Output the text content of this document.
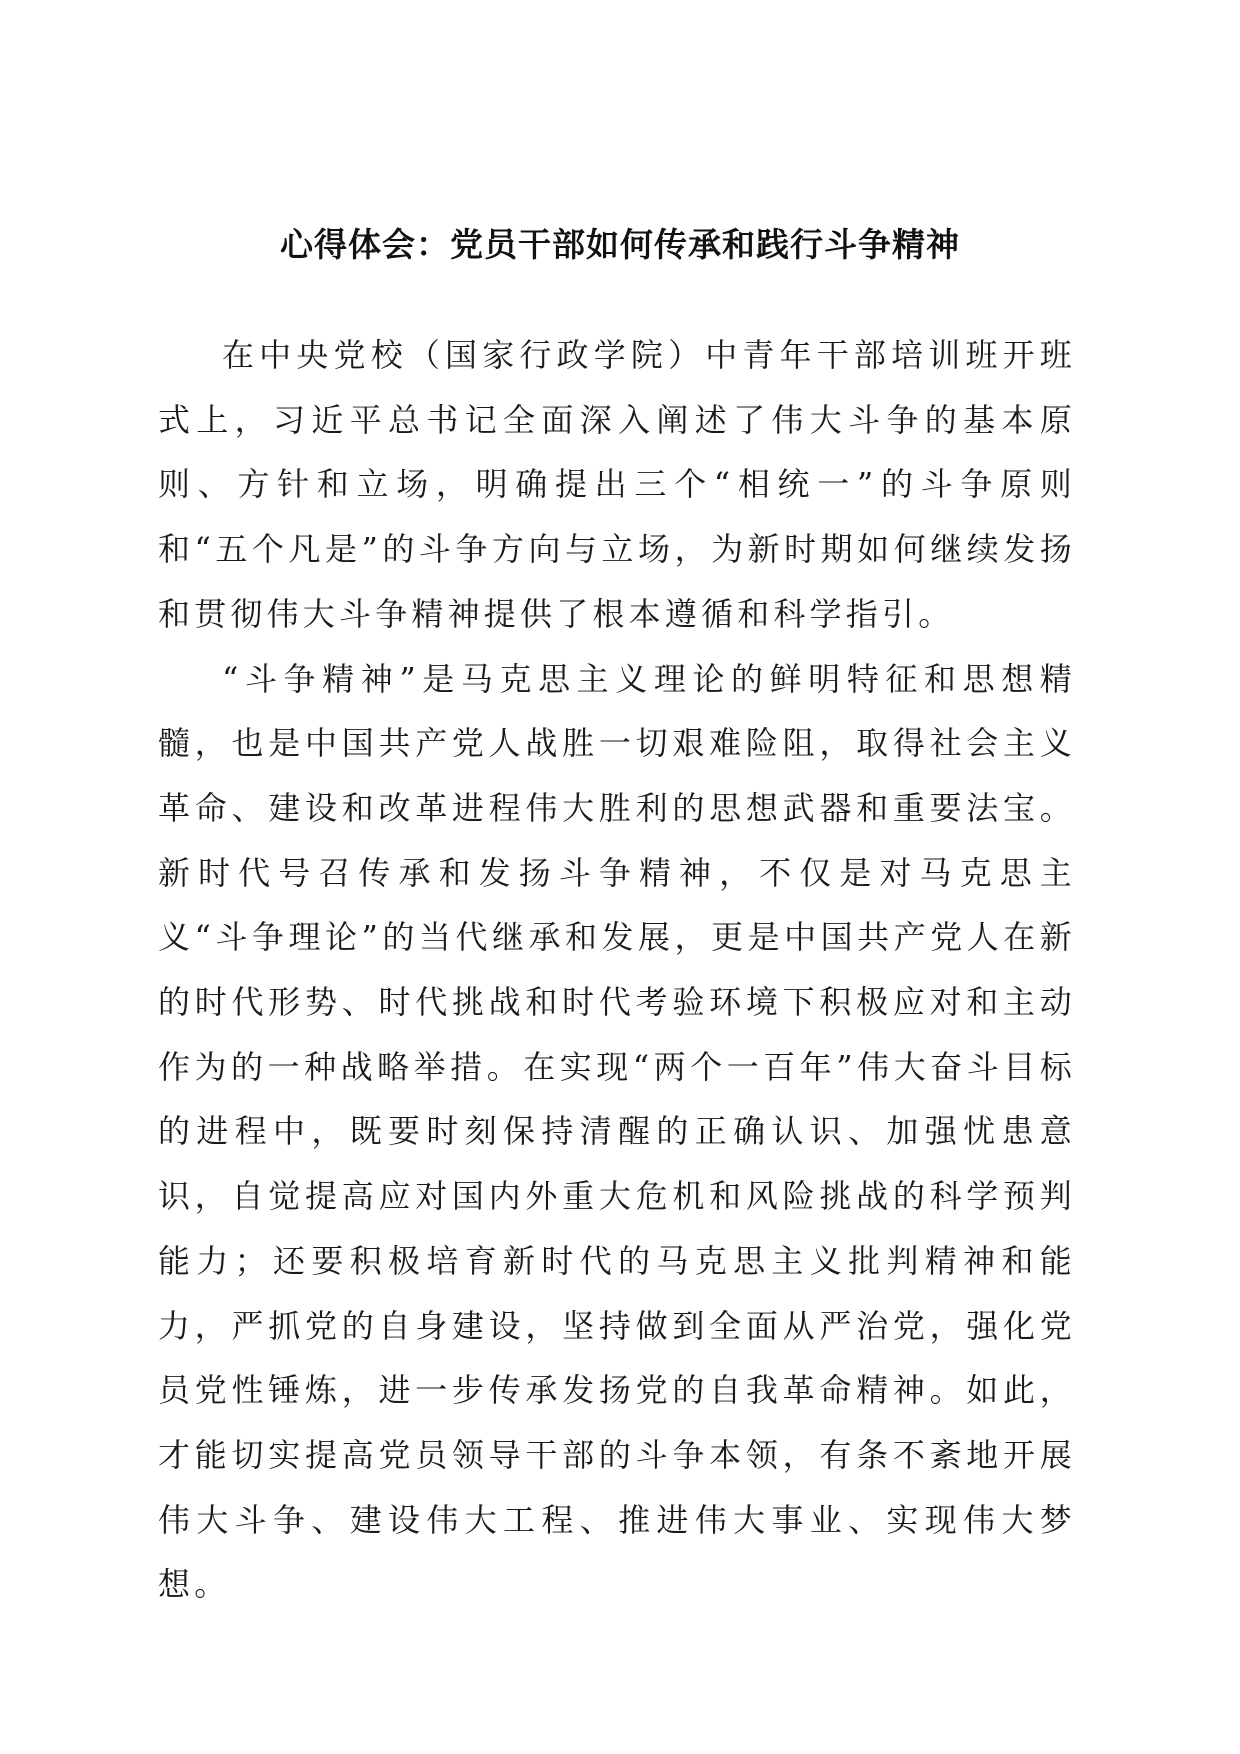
心得体会：党员干部如何传承和践行斗争精神

在中央党校（国家行政学院）中青年干部培训班开班式上，习近平总书记全面深入阐述了伟大斗争的基本原则、方针和立场，明确提出三个“相统一”的斗争原则和“五个凡是”的斗争方向与立场，为新时期如何继续发扬和贯彻伟大斗争精神提供了根本遵循和科学指引。

“斗争精神”是马克思主义理论的鲜明特征和思想精髓，也是中国共产党人战胜一切艰难险阻，取得社会主义革命、建设和改革进程伟大胜利的思想武器和重要法宝。新时代号召传承和发扬斗争精神，不仅是对马克思主义“斗争理论”的当代继承和发展，更是中国共产党人在新的时代形势、时代挑战和时代考验环境下积极应对和主动作为的一种战略举措。在实现“两个一百年”伟大奋斗目标的进程中，既要时刻保持清醒的正确认识、加强忧患意识，自觉提高应对国内外重大危机和风险挑战的科学预判能力；还要积极培育新时代的马克思主义批判精神和能力，严抓党的自身建设，坚持做到全面从严治党，强化党员党性锤炼，进一步传承发扬党的自我革命精神。如此，才能切实提高党员领导干部的斗争本领，有条不紊地开展伟大斗争、建设伟大工程、推进伟大事业、实现伟大梦想。
